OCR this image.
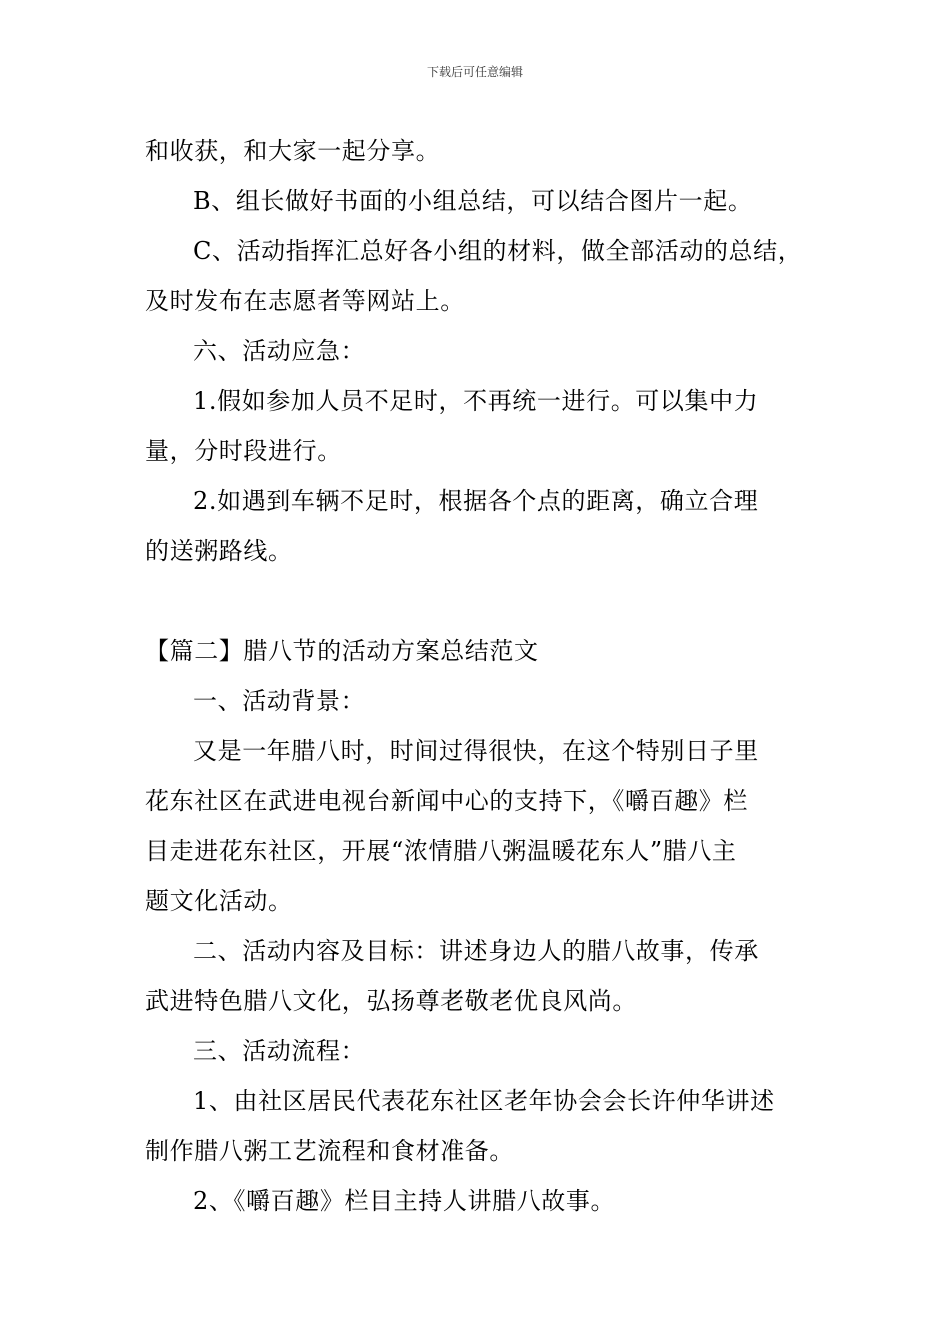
下载后可任意编辑
和收获，和大家一起分享。
B、组长做好书面的小组总结，可以结合图片一起。
C、活动指挥汇总好各小组的材料，做全部活动的总结，
及时发布在志愿者等网站上。
六、活动应急：
1.假如参加人员不足时，不再统一进行。可以集中力
量，分时段进行。
2.如遇到车辆不足时，根据各个点的距离，确立合理
的送粥路线。
【篇二】腊八节的活动方案总结范文
一、活动背景：
又是一年腊八时，时间过得很快，在这个特别日子里
花东社区在武进电视台新闻中心的支持下，《嚼百趣》栏
目走进花东社区，开展“浓情腊八粥温暖花东人”腊八主
题文化活动。
二、活动内容及目标：讲述身边人的腊八故事，传承
武进特色腊八文化，弘扬尊老敬老优良风尚。
三、活动流程：
1、由社区居民代表花东社区老年协会会长许仲华讲述
制作腊八粥工艺流程和食材准备。
2、《嚼百趣》栏目主持人讲腊八故事。
